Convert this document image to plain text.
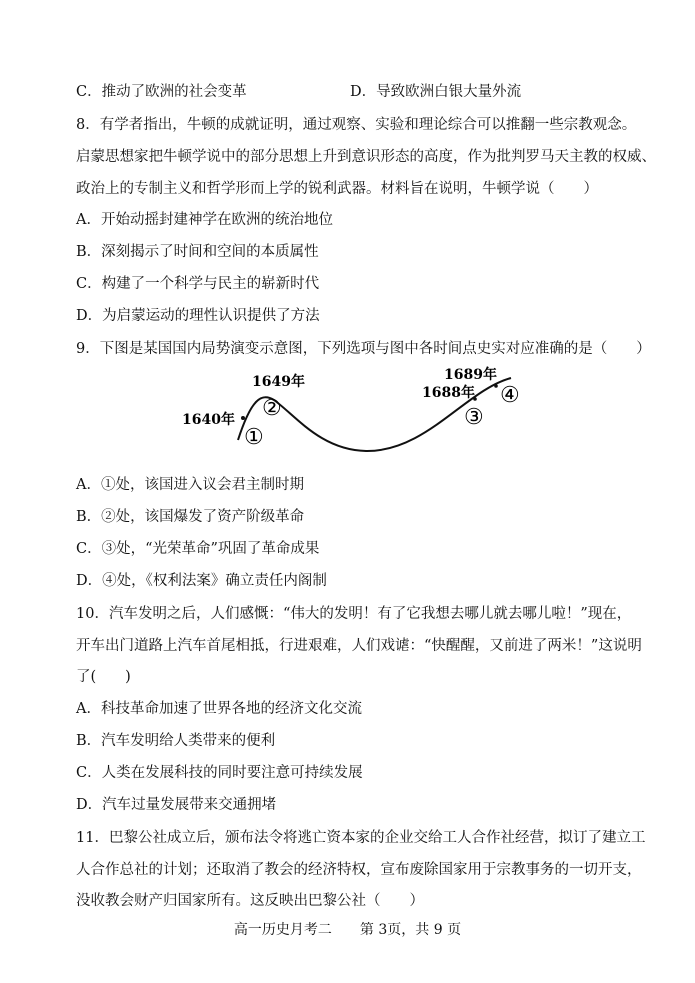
C．推动了欧洲的社会变革	D．导致欧洲白银大量外流
8．有学者指出，牛顿的成就证明，通过观察、实验和理论综合可以推翻一些宗教观念。
启蒙思想家把牛顿学说中的部分思想上升到意识形态的高度，作为批判罗马天主教的权威、
政治上的专制主义和哲学形而上学的锐利武器。材料旨在说明，牛顿学说（　　）
A．开始动摇封建神学在欧洲的统治地位
B．深刻揭示了时间和空间的本质属性
C．构建了一个科学与民主的崭新时代
D．为启蒙运动的理性认识提供了方法
9．下图是某国国内局势演变示意图，下列选项与图中各时间点史实对应准确的是（　　）
1640年
1649年	1689年
1688年
①
②	③
④
A．①处，该国进入议会君主制时期
B．②处，该国爆发了资产阶级革命
C．③处，“光荣革命”巩固了革命成果
D．④处，《权利法案》确立责任内阁制
10．汽车发明之后，人们感慨：“伟大的发明！有了它我想去哪儿就去哪儿啦！”现在，
开车出门道路上汽车首尾相抵，行进艰难，人们戏谑：“快醒醒，又前进了两米！”这说明
了(　　)
A．科技革命加速了世界各地的经济文化交流
B．汽车发明给人类带来的便利
C．人类在发展科技的同时要注意可持续发展
D．汽车过量发展带来交通拥堵
11．巴黎公社成立后，颁布法令将逃亡资本家的企业交给工人合作社经营，拟订了建立工
人合作总社的计划；还取消了教会的经济特权，宣布废除国家用于宗教事务的一切开支，
没收教会财产归国家所有。这反映出巴黎公社（　　）
高一历史月考二　　第 3页，共 9 页
